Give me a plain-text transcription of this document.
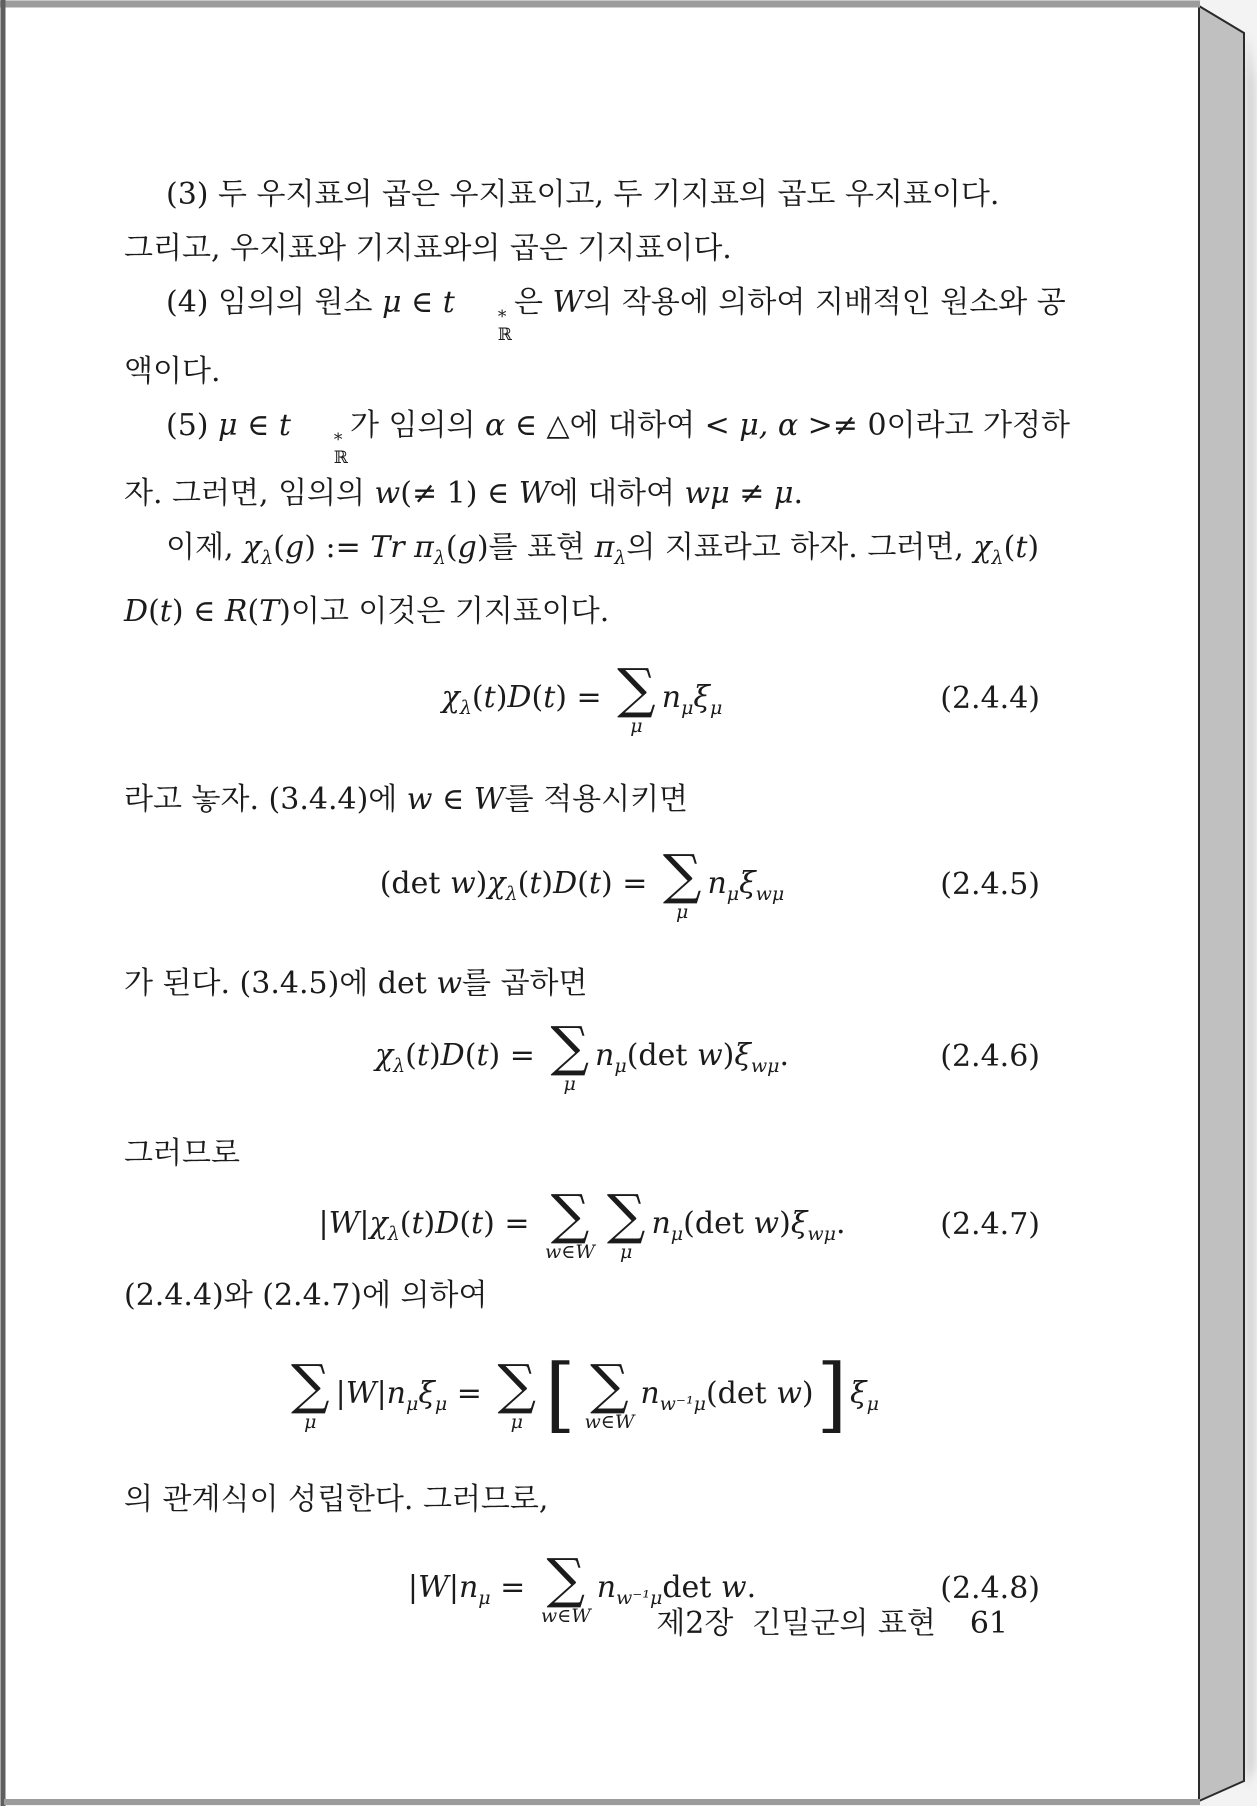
(3) 두 우지표의 곱은 우지표이고, 두 기지표의 곱도 우지표이다.
그리고, 우지표와 기지표와의 곱은 기지표이다.

(4) 임의의 원소 μ ∈ t	*
ℝ
은 W의 작용에 의하여 지배적인 원소와 공
액이다.

(5) μ ∈ t	*
ℝ
가 임의의 α ∈ △에 대하여 < μ, α >≠ 0이라고 가정하
자. 그러면, 임의의 w(≠ 1) ∈ W에 대하여 wμ ≠ μ.

이제, $\chi_\lambda(g)$ := Tr $\pi_\lambda(g)$를 표현 $\pi_\lambda$의 지표라고 하자. 그러면, $\chi_\lambda(t)$
D(t) ∈ R(T)이고 이것은 기지표이다.

$\chi_\lambda(t)D(t)$ = ∑
μ
$n_\mu\xi_\mu$	(2.4.4)

라고 놓자. (3.4.4)에 w ∈ W를 적용시키면

(det $w)\chi_\lambda(t)D(t)$ = ∑
μ
$n_\mu\xi_{w\mu}$	(2.4.5)

가 된다. (3.4.5)에 det w를 곱하면

$\chi_\lambda(t)D(t)$ = ∑
μ
$n_\mu(\det$ $w)\xi_{w\mu}$.	(2.4.6)

그러므로

$|W|\chi_\lambda(t)D(t)$ = ∑
w∈W
∑
μ
$n_\mu(\det$ $w)\xi_{w\mu}$.	(2.4.7)

(2.4.4)와 (2.4.7)에 의하여

∑
μ
$|W|n_\mu\xi_\mu$ = ∑
μ [ ∑
w∈W
$n_{w^{-1}\mu}(\det$ w)] $\xi_\mu$

의 관계식이 성립한다. 그러므로,

$|W|n_\mu$ = ∑
w∈W
$n_{w^{-1}\mu}\det$ w.	(2.4.8)
제2장  긴밀군의 표현 61
